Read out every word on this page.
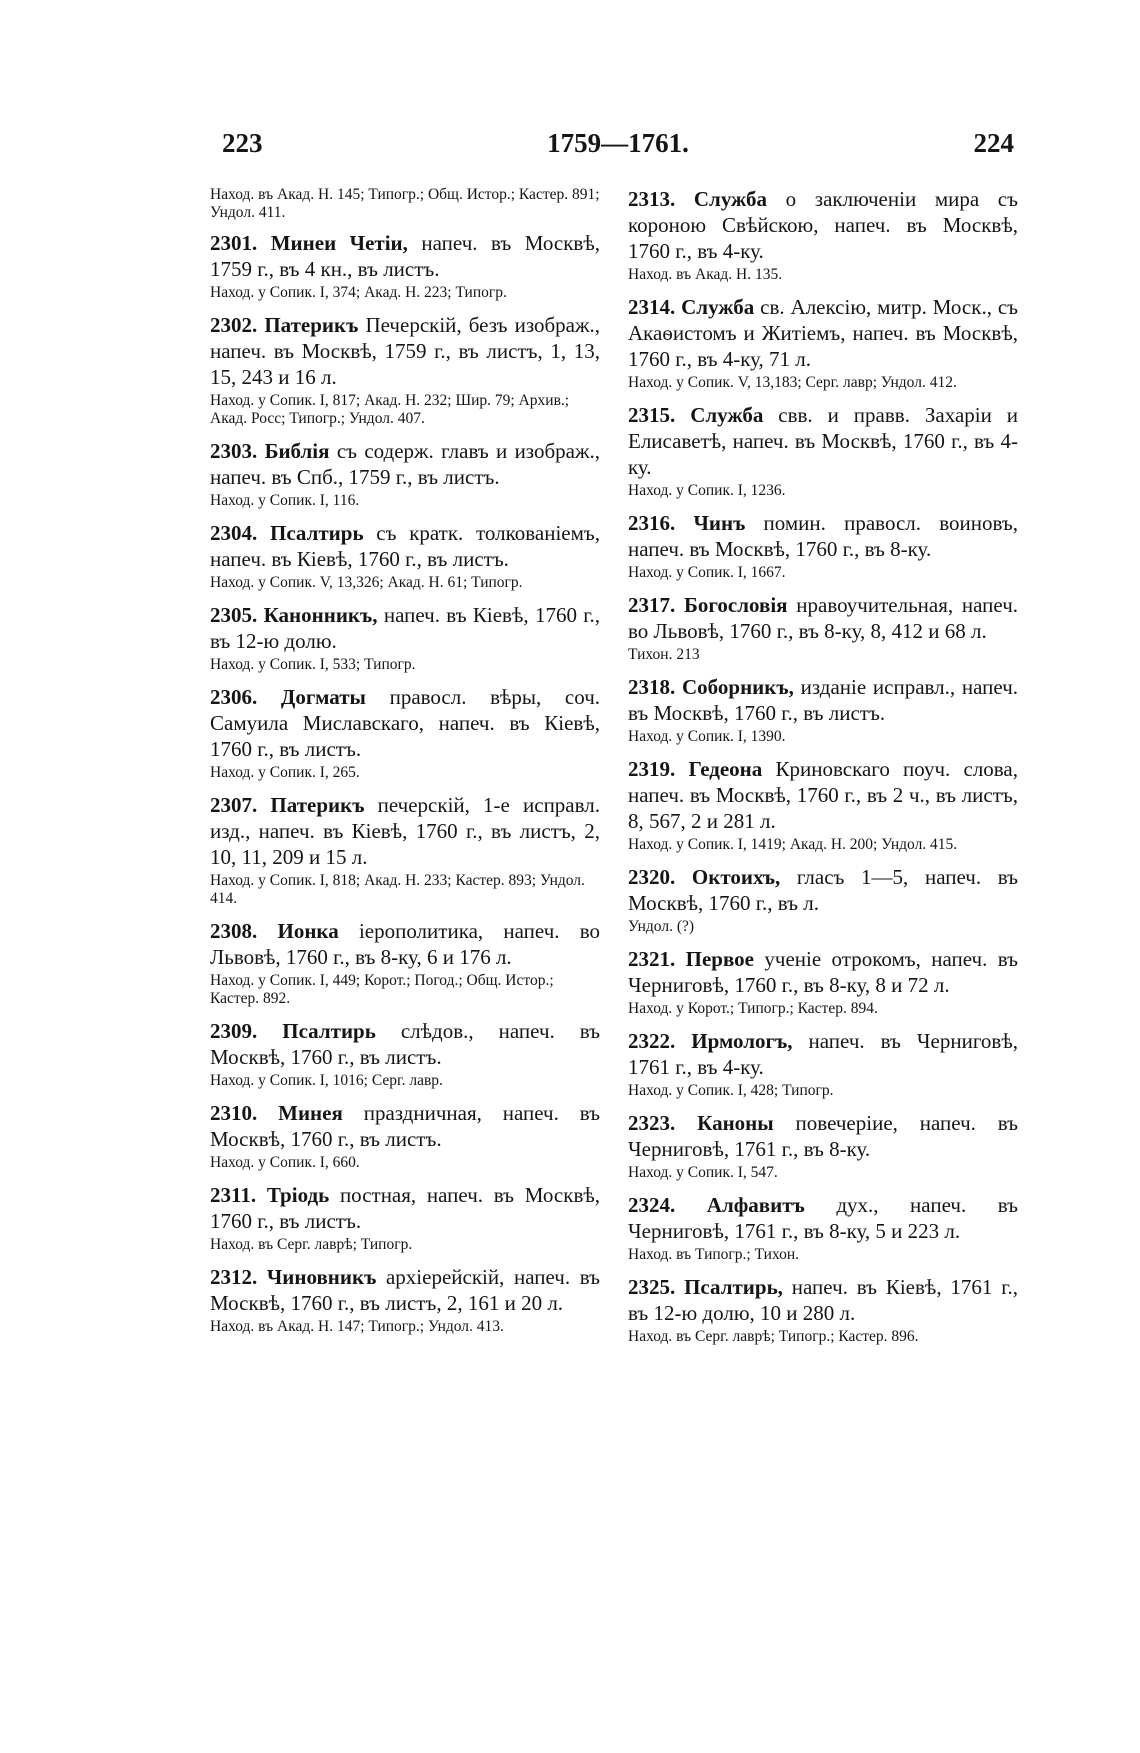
223	1759—1761.	224
Наход. въ Акад. Н. 145; Типогр.; Общ. Истор.; Кастер. 891; Ундол. 411.
2301. Минеи Четіи, напеч. въ Москвѣ, 1759 г., въ 4 кн., въ листъ.
Наход. у Сопик. I, 374; Акад. Н. 223; Типогр.
2302. Патерикъ Печерскій, безъ изображ., напеч. въ Москвѣ, 1759 г., въ листъ, 1, 13, 15, 243 и 16 л.
Наход. у Сопик. I, 817; Акад. Н. 232; Шир. 79; Архив.; Акад. Росс; Типогр.; Ундол. 407.
2303. Библія съ содерж. главъ и изображ., напеч. въ Спб., 1759 г., въ листъ.
Наход. у Сопик. I, 116.
2304. Псалтирь съ кратк. толкованіемъ, напеч. въ Кіевѣ, 1760 г., въ листъ.
Наход. у Сопик. V, 13,326; Акад. Н. 61; Типогр.
2305. Канонникъ, напеч. въ Кіевѣ, 1760 г., въ 12-ю долю.
Наход. у Сопик. I, 533; Типогр.
2306. Догматы правосл. вѣры, соч. Самуила Миславскаго, напеч. въ Кіевѣ, 1760 г., въ листъ.
Наход. у Сопик. I, 265.
2307. Патерикъ печерскій, 1-е исправл. изд., напеч. въ Кіевѣ, 1760 г., въ листъ, 2, 10, 11, 209 и 15 л.
Наход. у Сопик. I, 818; Акад. Н. 233; Кастер. 893; Ундол. 414.
2308. Ионка іерополитика, напеч. во Львовѣ, 1760 г., въ 8-ку, 6 и 176 л.
Наход. у Сопик. I, 449; Корот.; Погод.; Общ. Истор.; Кастер. 892.
2309. Псалтирь слѣдов., напеч. въ Москвѣ, 1760 г., въ листъ.
Наход. у Сопик. I, 1016; Серг. лавр.
2310. Минея праздничная, напеч. въ Москвѣ, 1760 г., въ листъ.
Наход. у Сопик. I, 660.
2311. Тріодь постная, напеч. въ Москвѣ, 1760 г., въ листъ.
Наход. въ Серг. лаврѣ; Типогр.
2312. Чиновникъ архіерейскій, напеч. въ Москвѣ, 1760 г., въ листъ, 2, 161 и 20 л.
Наход. въ Акад. Н. 147; Типогр.; Ундол. 413.
2313. Служба о заключеніи мира съ короною Свѣйскою, напеч. въ Москвѣ, 1760 г., въ 4-ку.
Наход. въ Акад. Н. 135.
2314. Служба св. Алексію, митр. Моск., съ Акаѳистомъ и Житіемъ, напеч. въ Москвѣ, 1760 г., въ 4-ку, 71 л.
Наход. у Сопик. V, 13,183; Серг. лавр; Ундол. 412.
2315. Служба свв. и правв. Захаріи и Елисаветѣ, напеч. въ Москвѣ, 1760 г., въ 4-ку.
Наход. у Сопик. I, 1236.
2316. Чинъ помин. правосл. воиновъ, напеч. въ Москвѣ, 1760 г., въ 8-ку.
Наход. у Сопик. I, 1667.
2317. Богословія нравоучительная, напеч. во Львовѣ, 1760 г., въ 8-ку, 8, 412 и 68 л.
Тихон. 213
2318. Соборникъ, изданіе исправл., напеч. въ Москвѣ, 1760 г., въ листъ.
Наход. у Сопик. I, 1390.
2319. Гедеона Криновскаго поуч. слова, напеч. въ Москвѣ, 1760 г., въ 2 ч., въ листъ, 8, 567, 2 и 281 л.
Наход. у Сопик. I, 1419; Акад. Н. 200; Ундол. 415.
2320. Октоихъ, гласъ 1—5, напеч. въ Москвѣ, 1760 г., въ л.
Ундол. (?)
2321. Первое ученіе отрокомъ, напеч. въ Черниговѣ, 1760 г., въ 8-ку, 8 и 72 л.
Наход. у Корот.; Типогр.; Кастер. 894.
2322. Ирмологъ, напеч. въ Черниговѣ, 1761 г., въ 4-ку.
Наход. у Сопик. I, 428; Типогр.
2323. Каноны повечеріие, напеч. въ Черниговѣ, 1761 г., въ 8-ку.
Наход. у Сопик. I, 547.
2324. Алфавитъ дух., напеч. въ Черниговѣ, 1761 г., въ 8-ку, 5 и 223 л.
Наход. въ Типогр.; Тихон.
2325. Псалтирь, напеч. въ Кіевѣ, 1761 г., въ 12-ю долю, 10 и 280 л.
Наход. въ Серг. лаврѣ; Типогр.; Кастер. 896.
